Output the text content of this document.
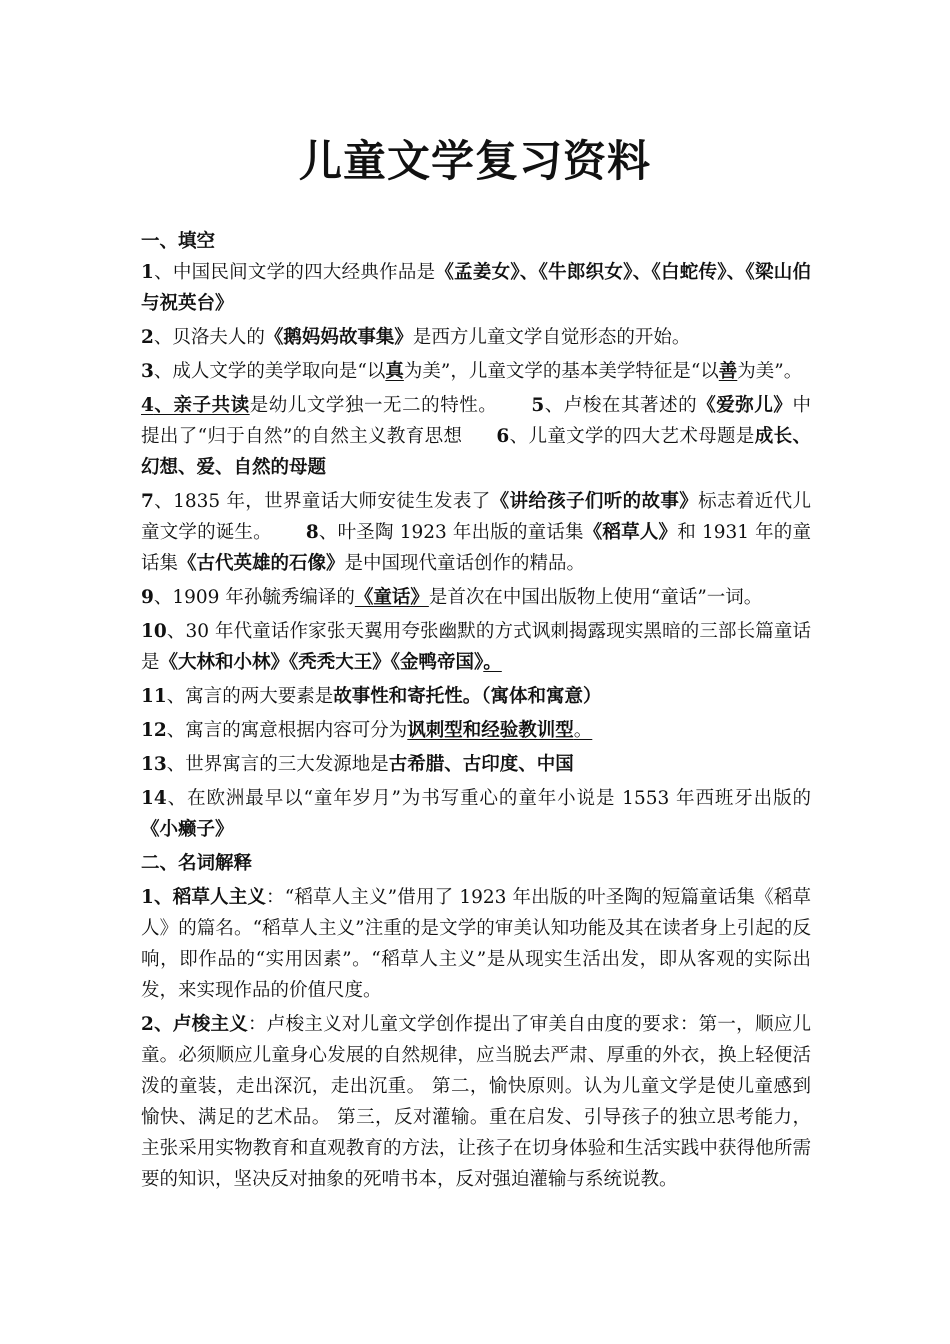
儿童文学复习资料

一、填空

1、中国民间文学的四大经典作品是《孟姜女》、《牛郎织女》、《白蛇传》、《梁山伯与祝英台》

2、贝洛夫人的《鹅妈妈故事集》是西方儿童文学自觉形态的开始。

3、成人文学的美学取向是“以真为美”，儿童文学的基本美学特征是“以善为美”。

4、亲子共读是幼儿文学独一无二的特性。 5、卢梭在其著述的《爱弥儿》中提出了“归于自然”的自然主义教育思想 6、儿童文学的四大艺术母题是成长、幻想、爱、自然的母题

7、1835 年，世界童话大师安徒生发表了《讲给孩子们听的故事》标志着近代儿童文学的诞生。 8、叶圣陶 1923 年出版的童话集《稻草人》和 1931 年的童话集《古代英雄的石像》是中国现代童话创作的精品。

9、1909 年孙毓秀编译的《童话》是首次在中国出版物上使用“童话”一词。

10、30 年代童话作家张天翼用夸张幽默的方式讽刺揭露现实黑暗的三部长篇童话是《大林和小林》《秃秃大王》《金鸭帝国》。

11、寓言的两大要素是故事性和寄托性。（寓体和寓意）

12、寓言的寓意根据内容可分为讽刺型和经验教训型。

13、世界寓言的三大发源地是古希腊、古印度、中国

14、在欧洲最早以“童年岁月”为书写重心的童年小说是 1553 年西班牙出版的《小癞子》

二、名词解释

1、稻草人主义：“稻草人主义”借用了 1923 年出版的叶圣陶的短篇童话集《稻草人》的篇名。“稻草人主义”注重的是文学的审美认知功能及其在读者身上引起的反响，即作品的“实用因素”。“稻草人主义”是从现实生活出发，即从客观的实际出发，来实现作品的价值尺度。

2、卢梭主义：卢梭主义对儿童文学创作提出了审美自由度的要求：第一，顺应儿童。必须顺应儿童身心发展的自然规律，应当脱去严肃、厚重的外衣，换上轻便活泼的童装，走出深沉，走出沉重。 第二，愉快原则。认为儿童文学是使儿童感到愉快、满足的艺术品。 第三，反对灌输。重在启发、引导孩子的独立思考能力，主张采用实物教育和直观教育的方法，让孩子在切身体验和生活实践中获得他所需要的知识，坚决反对抽象的死啃书本，反对强迫灌输与系统说教。
